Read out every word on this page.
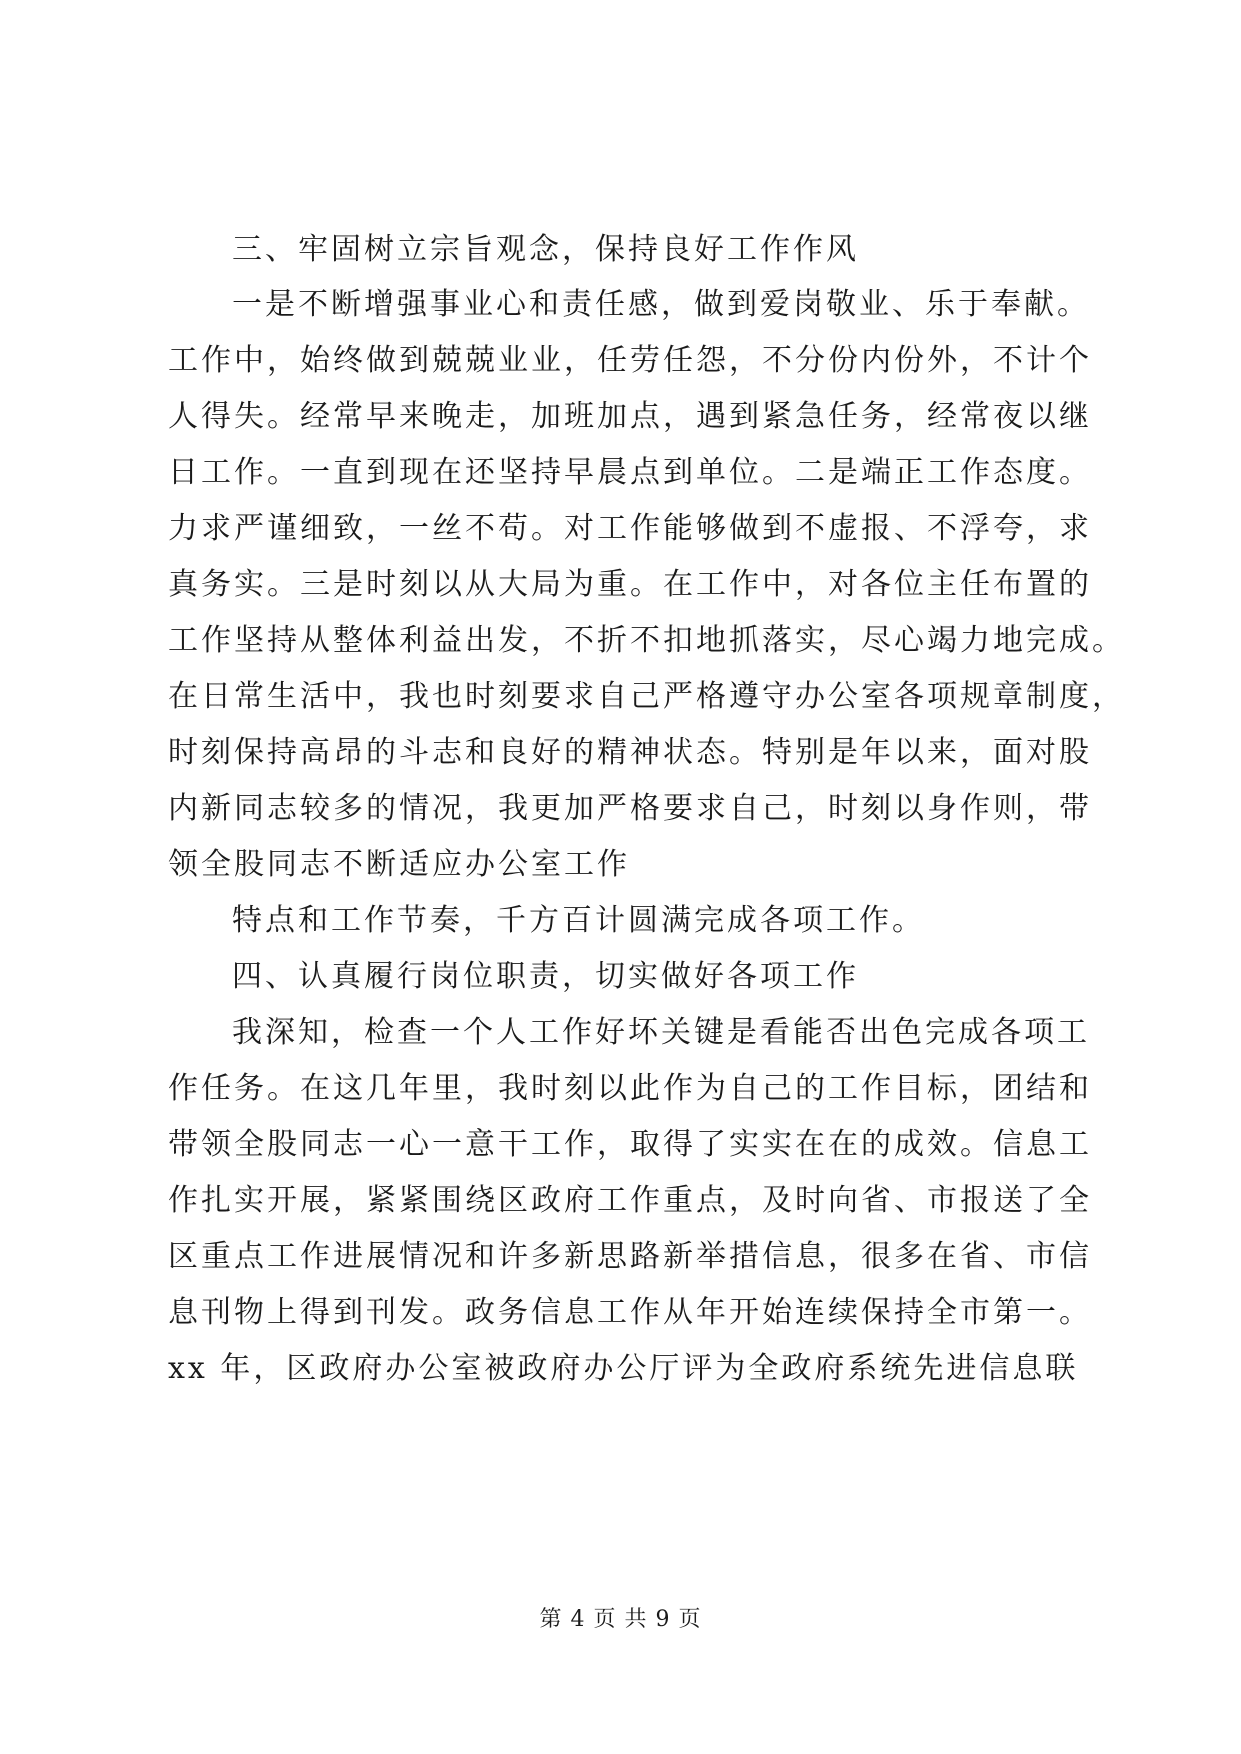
三、牢固树立宗旨观念，保持良好工作作风
一是不断增强事业心和责任感，做到爱岗敬业、乐于奉献。
工作中，始终做到兢兢业业，任劳任怨，不分份内份外，不计个
人得失。经常早来晚走，加班加点，遇到紧急任务，经常夜以继
日工作。一直到现在还坚持早晨点到单位。二是端正工作态度。
力求严谨细致，一丝不苟。对工作能够做到不虚报、不浮夸，求
真务实。三是时刻以从大局为重。在工作中，对各位主任布置的
工作坚持从整体利益出发，不折不扣地抓落实，尽心竭力地完成。
在日常生活中，我也时刻要求自己严格遵守办公室各项规章制度，
时刻保持高昂的斗志和良好的精神状态。特别是年以来，面对股
内新同志较多的情况，我更加严格要求自己，时刻以身作则，带
领全股同志不断适应办公室工作
特点和工作节奏，千方百计圆满完成各项工作。
四、认真履行岗位职责，切实做好各项工作
我深知，检查一个人工作好坏关键是看能否出色完成各项工
作任务。在这几年里，我时刻以此作为自己的工作目标，团结和
带领全股同志一心一意干工作，取得了实实在在的成效。信息工
作扎实开展，紧紧围绕区政府工作重点，及时向省、市报送了全
区重点工作进展情况和许多新思路新举措信息，很多在省、市信
息刊物上得到刊发。政务信息工作从年开始连续保持全市第一。
xx 年，区政府办公室被政府办公厅评为全政府系统先进信息联
第 4 页 共 9 页
